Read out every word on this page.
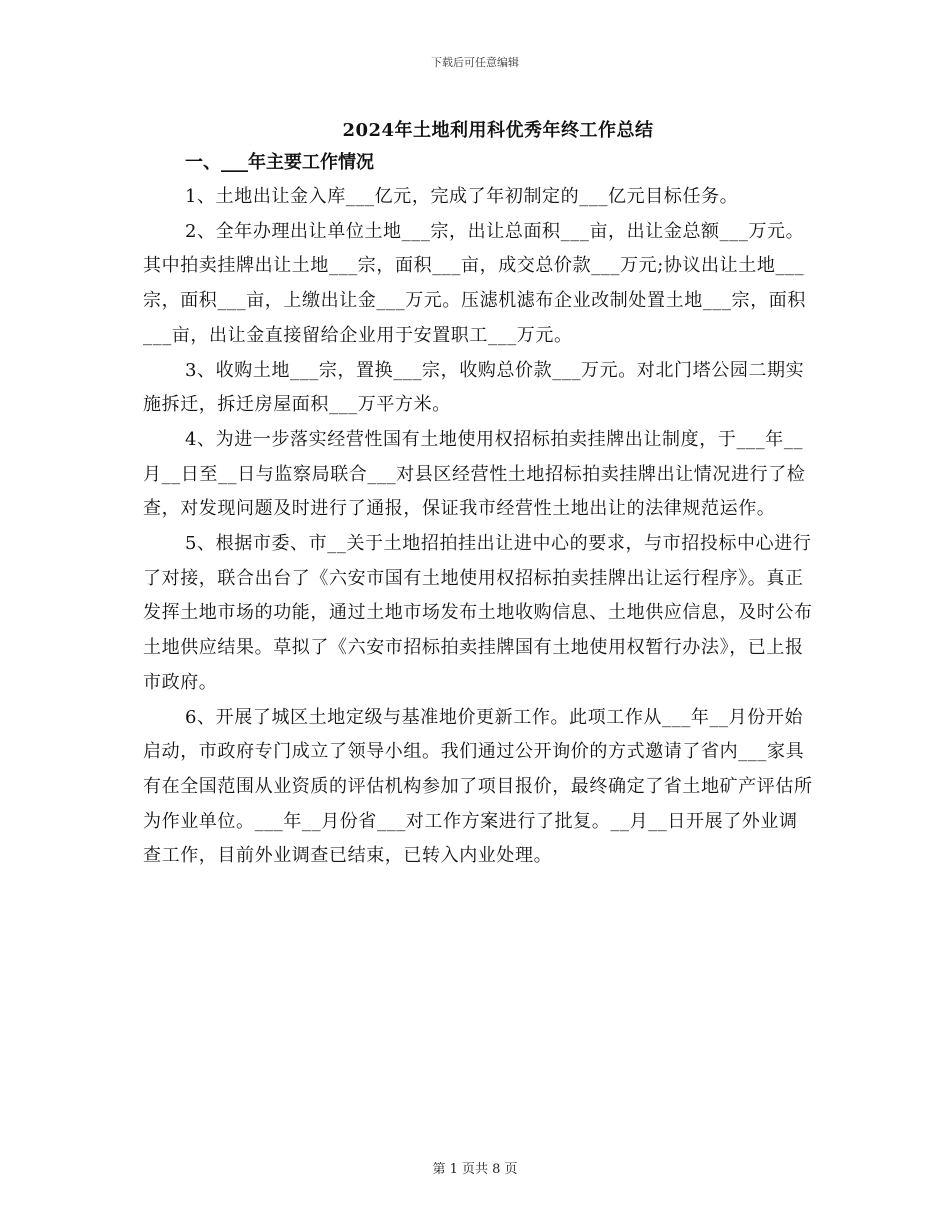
下载后可任意编辑
2024年土地利用科优秀年终工作总结
一、___年主要工作情况

1、土地出让金入库___亿元，完成了年初制定的___亿元目标任务。

2、全年办理出让单位土地___宗，出让总面积___亩，出让金总额___万元。其中拍卖挂牌出让土地___宗，面积___亩，成交总价款___万元;协议出让土地___宗，面积___亩，上缴出让金___万元。压滤机滤布企业改制处置土地___宗，面积___亩，出让金直接留给企业用于安置职工___万元。

3、收购土地___宗，置换___宗，收购总价款___万元。对北门塔公园二期实施拆迁，拆迁房屋面积___万平方米。

4、为进一步落实经营性国有土地使用权招标拍卖挂牌出让制度，于___年__月__日至__日与监察局联合___对县区经营性土地招标拍卖挂牌出让情况进行了检查，对发现问题及时进行了通报，保证我市经营性土地出让的法律规范运作。

5、根据市委、市__关于土地招拍挂出让进中心的要求，与市招投标中心进行了对接，联合出台了《六安市国有土地使用权招标拍卖挂牌出让运行程序》。真正发挥土地市场的功能，通过土地市场发布土地收购信息、土地供应信息，及时公布土地供应结果。草拟了《六安市招标拍卖挂牌国有土地使用权暂行办法》，已上报市政府。

6、开展了城区土地定级与基准地价更新工作。此项工作从___年__月份开始启动，市政府专门成立了领导小组。我们通过公开询价的方式邀请了省内___家具有在全国范围从业资质的评估机构参加了项目报价，最终确定了省土地矿产评估所为作业单位。___年__月份省___对工作方案进行了批复。__月__日开展了外业调查工作，目前外业调查已结束，已转入内业处理。

第 1 页共 8 页
